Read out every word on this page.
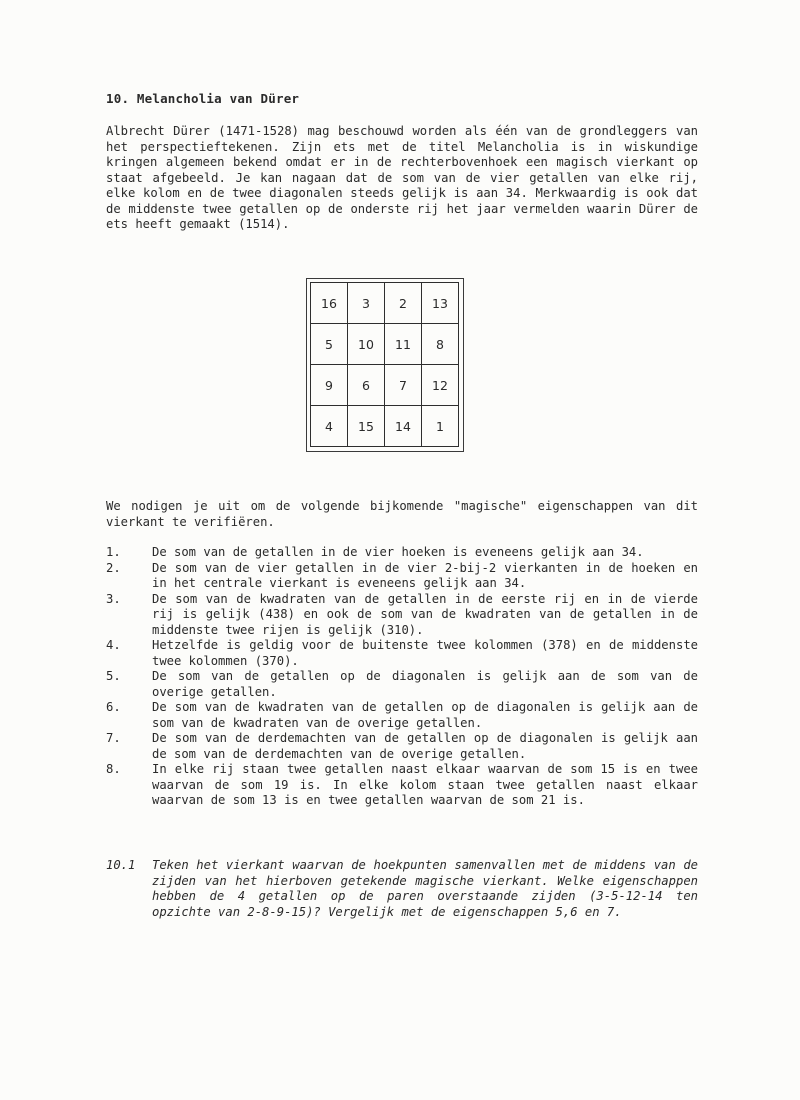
10. Melancholia van Dürer

Albrecht Dürer (1471-1528) mag beschouwd worden als één van de grondleggers van het perspectieftekenen. Zijn ets met de titel Melancholia is in wiskundige kringen algemeen bekend omdat er in de rechterbovenhoek een magisch vierkant op staat afgebeeld. Je kan nagaan dat de som van de vier getallen van elke rij, elke kolom en de twee diagonalen steeds gelijk is aan 34. Merkwaardig is ook dat de middenste twee getallen op de onderste rij het jaar vermelden waarin Dürer de ets heeft gemaakt (1514).

16	3	2	13
5	10	11	8
9	6	7	12
4	15	14	1

We nodigen je uit om de volgende bijkomende "magische" eigenschappen van dit vierkant te verifiëren.

1.	De som van de getallen in de vier hoeken is eveneens gelijk aan 34.
2.	De som van de vier getallen in de vier 2-bij-2 vierkanten in de hoeken en in het centrale vierkant is eveneens gelijk aan 34.
3.	De som van de kwadraten van de getallen in de eerste rij en in de vierde rij is gelijk (438) en ook de som van de kwadraten van de getallen in de middenste twee rijen is gelijk (310).
4.	Hetzelfde is geldig voor de buitenste twee kolommen (378) en de middenste twee kolommen (370).
5.	De som van de getallen op de diagonalen is gelijk aan de som van de overige getallen.
6.	De som van de kwadraten van de getallen op de diagonalen is gelijk aan de som van de kwadraten van de overige getallen.
7.	De som van de derdemachten van de getallen op de diagonalen is gelijk aan de som van de derdemachten van de overige getallen.
8.	In elke rij staan twee getallen naast elkaar waarvan de som 15 is en twee waarvan de som 19 is. In elke kolom staan twee getallen naast elkaar waarvan de som 13 is en twee getallen waarvan de som 21 is.
10.1	Teken het vierkant waarvan de hoekpunten samenvallen met de middens van de zijden van het hierboven getekende magische vierkant. Welke eigenschappen hebben de 4 getallen op de paren overstaande zijden (3-5-12-14 ten opzichte van 2-8-9-15)? Vergelijk met de eigenschappen 5,6 en 7.
